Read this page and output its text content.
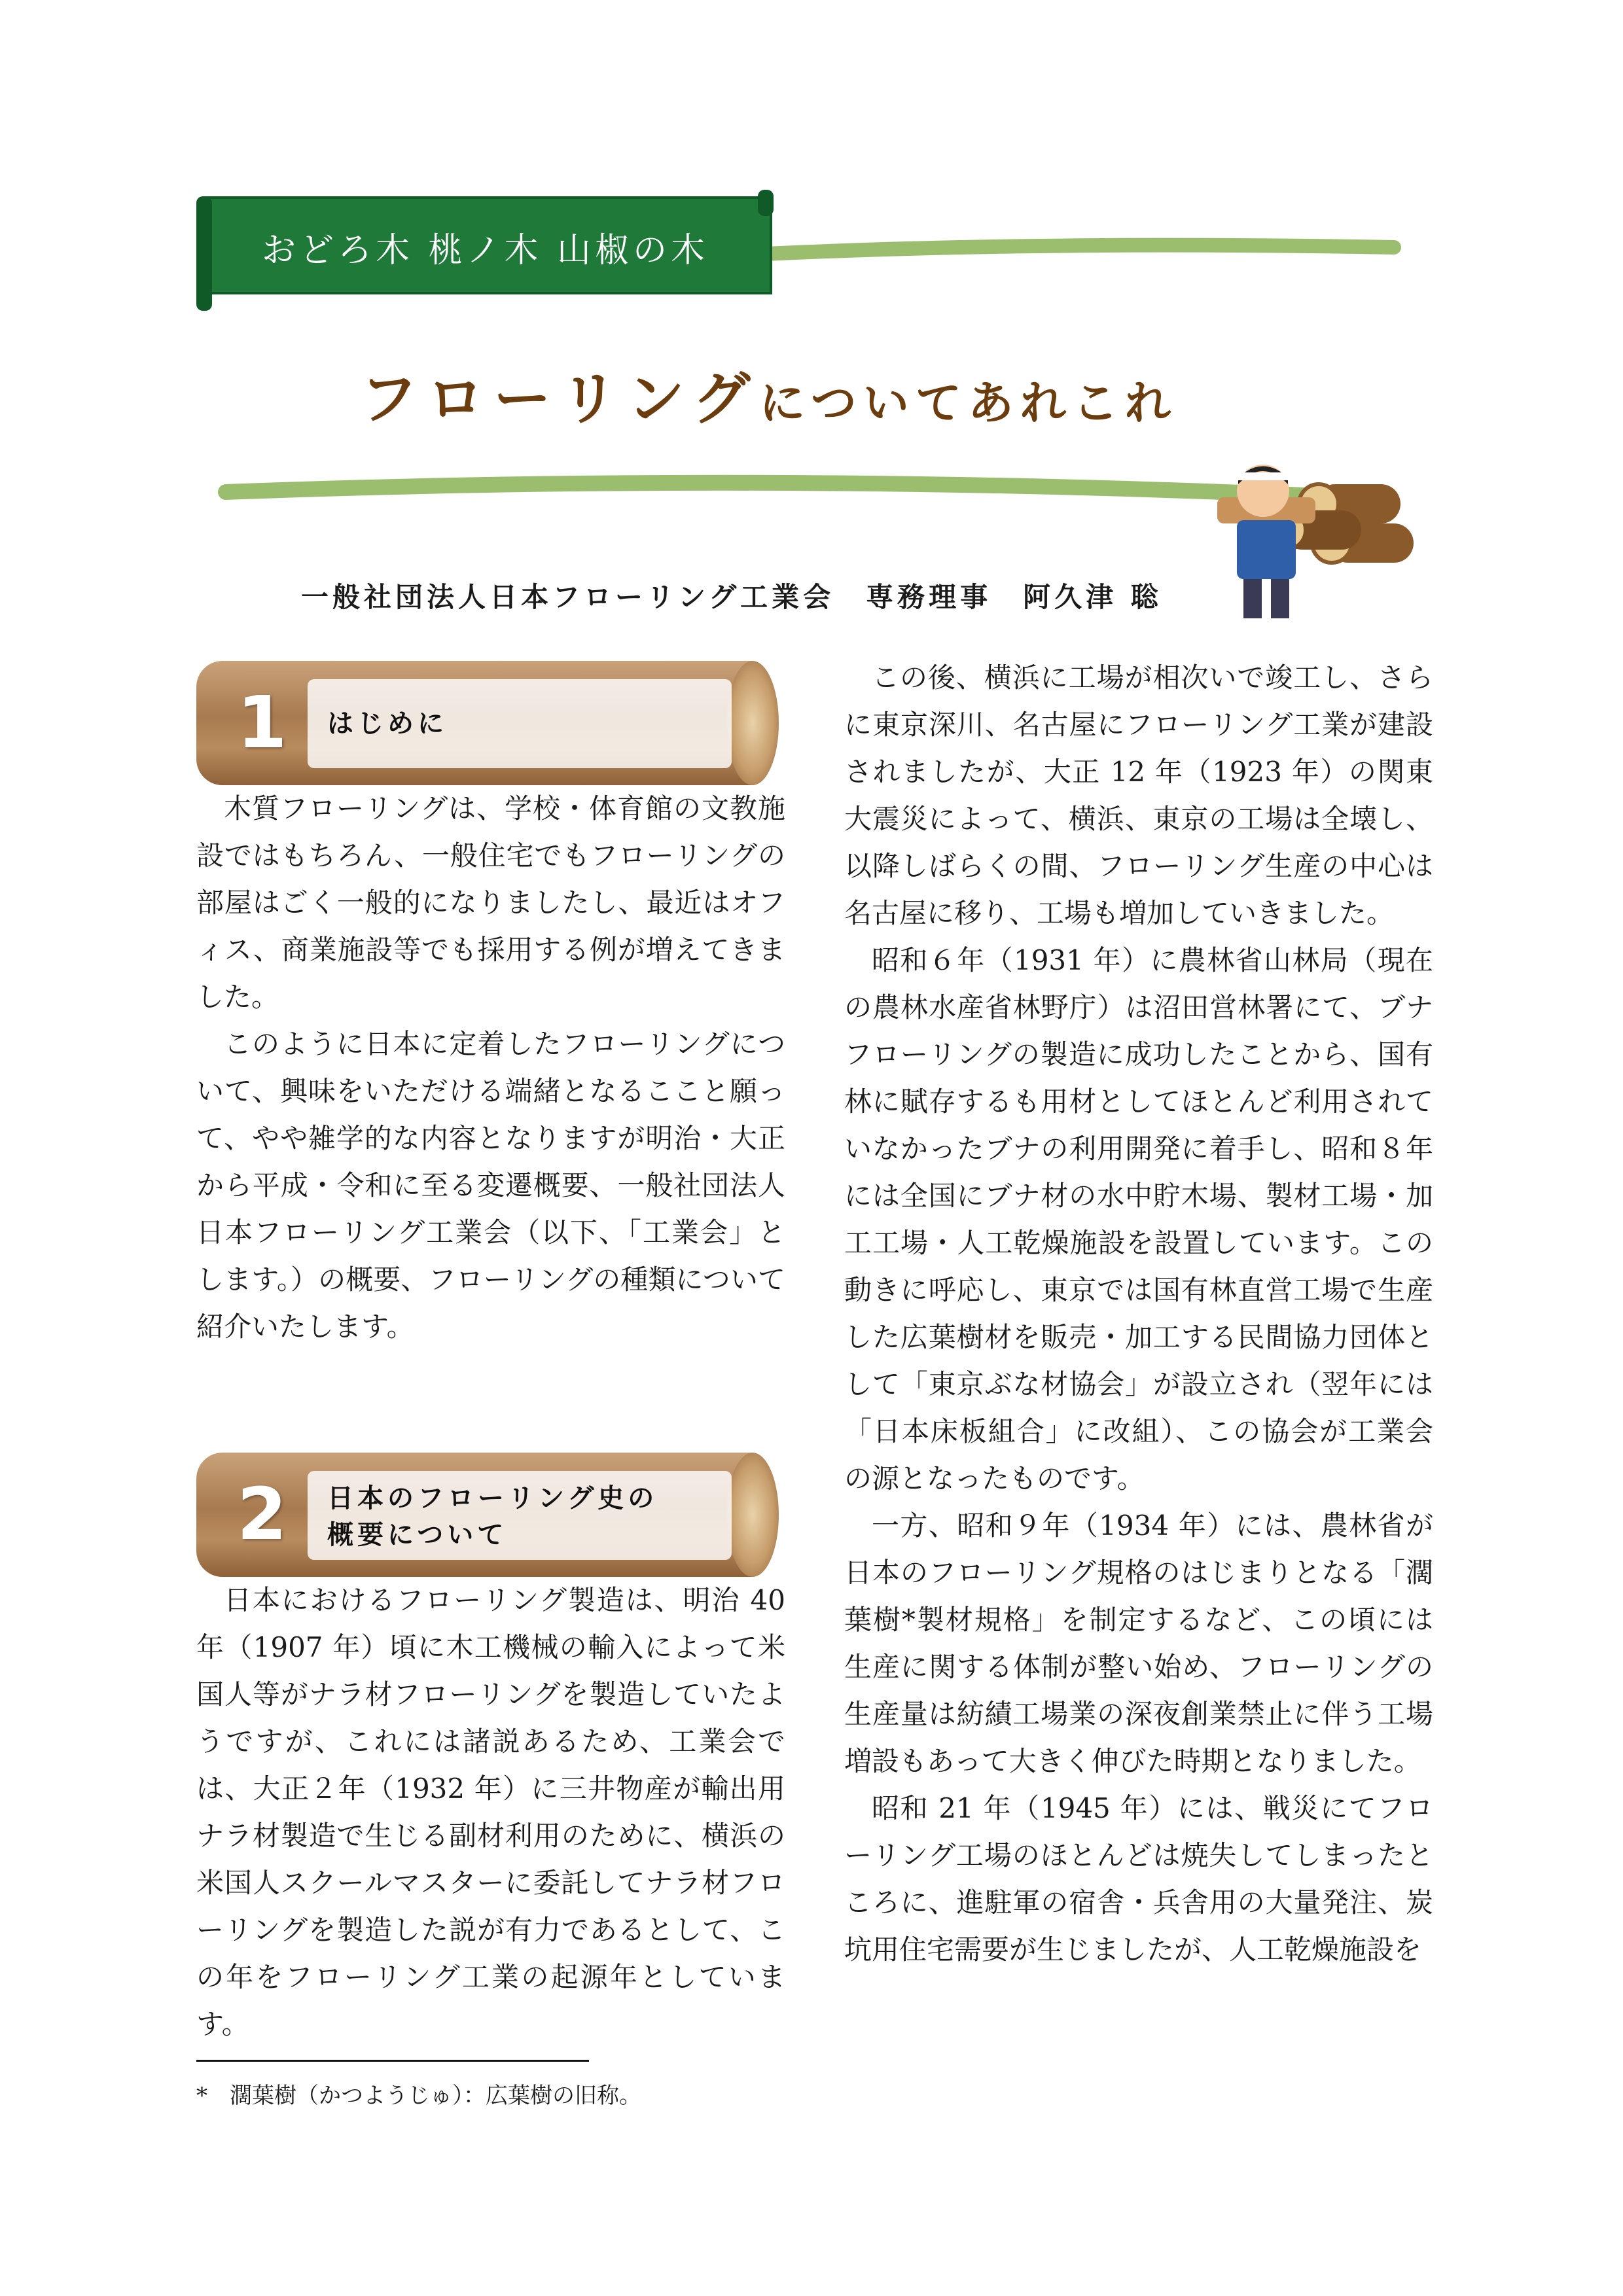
おどろ木 桃ノ木 山椒の木
フローリングについてあれこれ
一般社団法人日本フローリング工業会　専務理事　阿久津 聡
1 はじめに

木質フローリングは、学校・体育館の文教施設ではもちろん、一般住宅でもフローリングの部屋はごく一般的になりましたし、最近はオフィス、商業施設等でも採用する例が増えてきました。

このように日本に定着したフローリングについて、興味をいただける端緒となるここと願って、やや雑学的な内容となりますが明治・大正から平成・令和に至る変遷概要、一般社団法人日本フローリング工業会（以下、「工業会」とします。）の概要、フローリングの種類について紹介いたします。

2 日本のフローリング史の
概要について

日本におけるフローリング製造は、明治 40年（1907 年）頃に木工機械の輸入によって米国人等がナラ材フローリングを製造していたようですが、これには諸説あるため、工業会では、大正２年（1932 年）に三井物産が輸出用ナラ材製造で生じる副材利用のために、横浜の米国人スクールマスターに委託してナラ材フローリングを製造した説が有力であるとして、この年をフローリング工業の起源年としています。

この後、横浜に工場が相次いで竣工し、さらに東京深川、名古屋にフローリング工業が建設されましたが、大正 12 年（1923 年）の関東大震災によって、横浜、東京の工場は全壊し、以降しばらくの間、フローリング生産の中心は名古屋に移り、工場も増加していきました。

昭和６年（1931 年）に農林省山林局（現在の農林水産省林野庁）は沼田営林署にて、ブナフローリングの製造に成功したことから、国有林に賦存するも用材としてほとんど利用されていなかったブナの利用開発に着手し、昭和８年には全国にブナ材の水中貯木場、製材工場・加工工場・人工乾燥施設を設置しています。この動きに呼応し、東京では国有林直営工場で生産した広葉樹材を販売・加工する民間協力団体として「東京ぶな材協会」が設立され（翌年には「日本床板組合」に改組）、この協会が工業会の源となったものです。

一方、昭和９年（1934 年）には、農林省が日本のフローリング規格のはじまりとなる「濶葉樹*製材規格」を制定するなど、この頃には生産に関する体制が整い始め、フローリングの生産量は紡績工場業の深夜創業禁止に伴う工場増設もあって大きく伸びた時期となりました。

昭和 21 年（1945 年）には、戦災にてフローリング工場のほとんどは焼失してしまったところに、進駐軍の宿舎・兵舎用の大量発注、炭坑用住宅需要が生じましたが、人工乾燥施設を

*　濶葉樹（かつようじゅ）：広葉樹の旧称。
